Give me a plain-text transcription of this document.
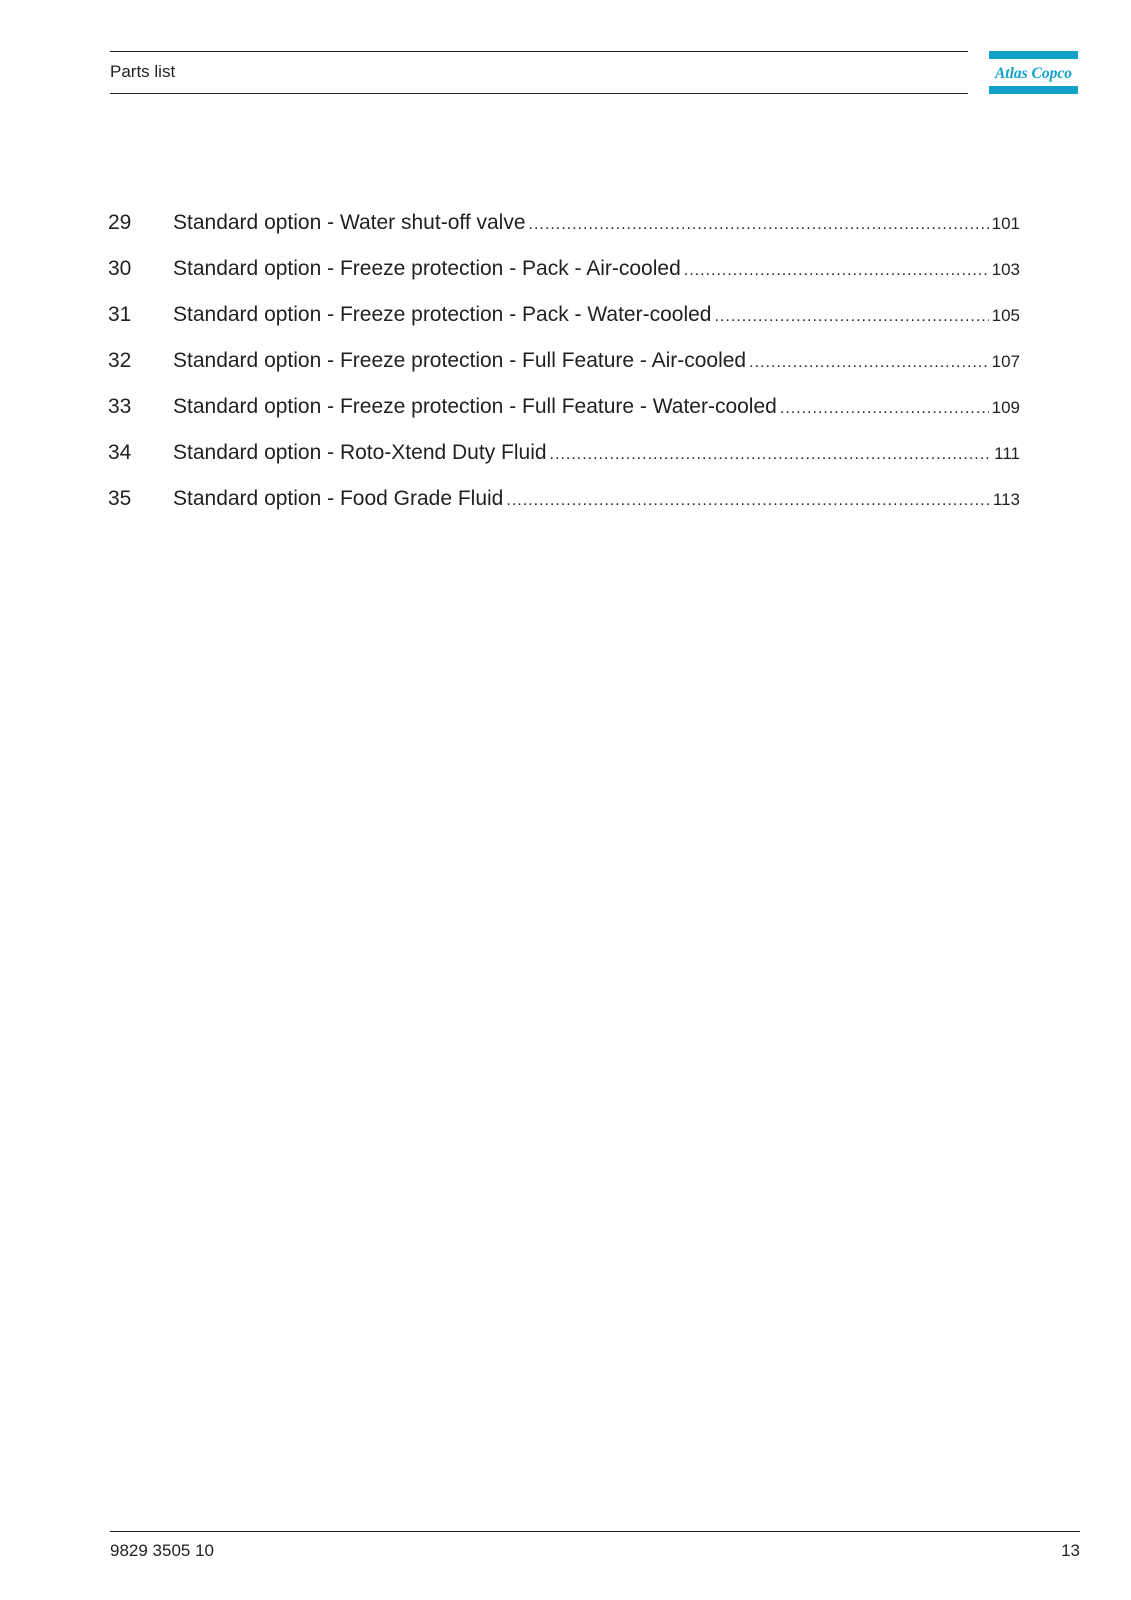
Parts list	Atlas Copco
29 Standard option - Water shut-off valve .....	101
30 Standard option - Freeze protection - Pack - Air-cooled .....	103
31 Standard option - Freeze protection - Pack - Water-cooled .....	105
32 Standard option - Freeze protection - Full Feature - Air-cooled .....	107
33 Standard option - Freeze protection - Full Feature - Water-cooled .....	109
34 Standard option - Roto-Xtend Duty Fluid .....	111
35 Standard option - Food Grade Fluid .....	113
9829 3505 10	13
